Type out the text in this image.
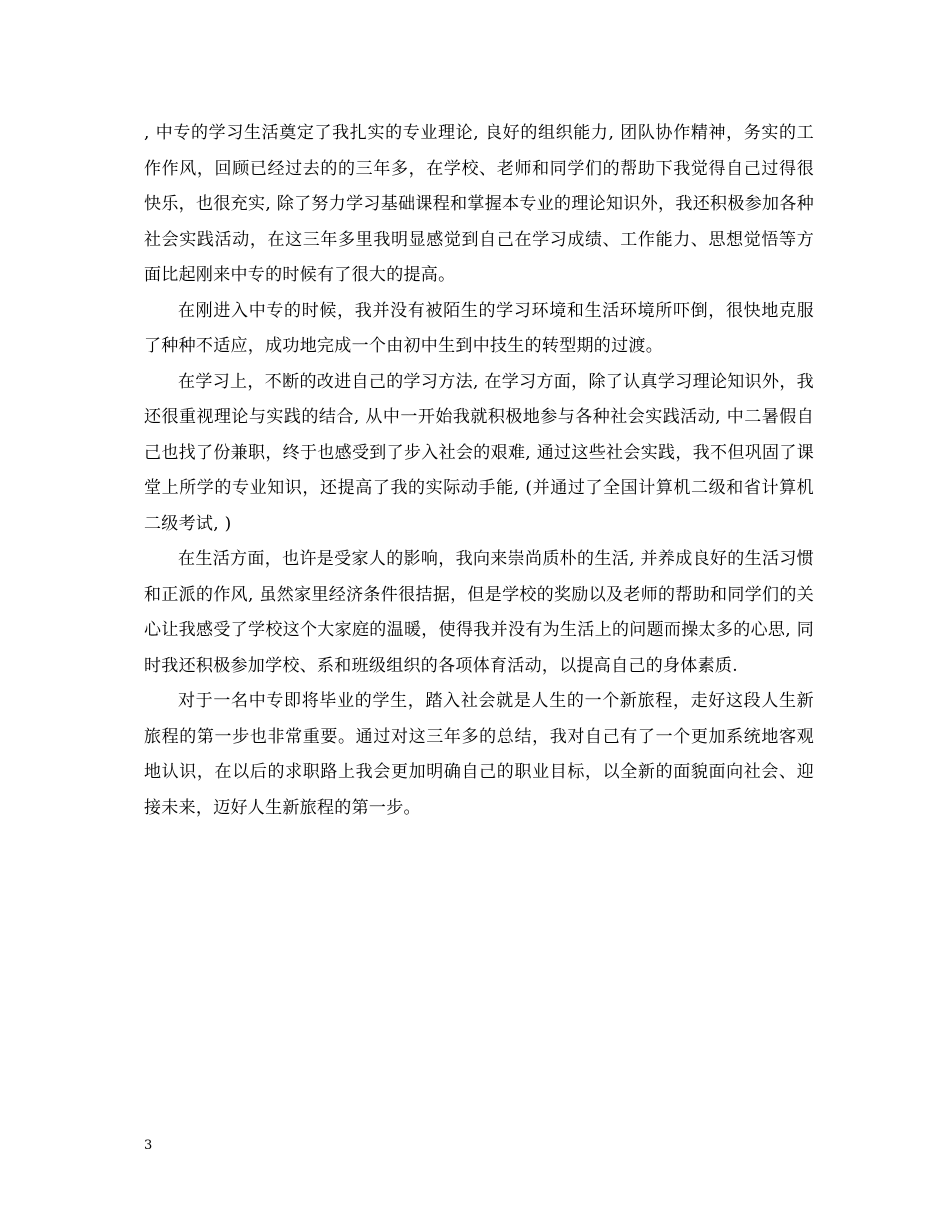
, 中专的学习生活奠定了我扎实的专业理论, 良好的组织能力, 团队协作精神，务实的工作作风，回顾已经过去的的三年多，在学校、老师和同学们的帮助下我觉得自己过得很快乐，也很充实, 除了努力学习基础课程和掌握本专业的理论知识外，我还积极参加各种社会实践活动，在这三年多里我明显感觉到自己在学习成绩、工作能力、思想觉悟等方面比起刚来中专的时候有了很大的提高。

在刚进入中专的时候，我并没有被陌生的学习环境和生活环境所吓倒，很快地克服了种种不适应，成功地完成一个由初中生到中技生的转型期的过渡。

在学习上，不断的改进自己的学习方法, 在学习方面，除了认真学习理论知识外，我还很重视理论与实践的结合, 从中一开始我就积极地参与各种社会实践活动, 中二暑假自己也找了份兼职，终于也感受到了步入社会的艰难, 通过这些社会实践，我不但巩固了课堂上所学的专业知识，还提高了我的实际动手能, (并通过了全国计算机二级和省计算机二级考试, )

在生活方面，也许是受家人的影响，我向来崇尚质朴的生活, 并养成良好的生活习惯和正派的作风, 虽然家里经济条件很拮据，但是学校的奖励以及老师的帮助和同学们的关心让我感受了学校这个大家庭的温暖，使得我并没有为生活上的问题而操太多的心思, 同时我还积极参加学校、系和班级组织的各项体育活动，以提高自己的身体素质.

对于一名中专即将毕业的学生，踏入社会就是人生的一个新旅程，走好这段人生新旅程的第一步也非常重要。通过对这三年多的总结，我对自己有了一个更加系统地客观地认识，在以后的求职路上我会更加明确自己的职业目标，以全新的面貌面向社会、迎接未来，迈好人生新旅程的第一步。

3
